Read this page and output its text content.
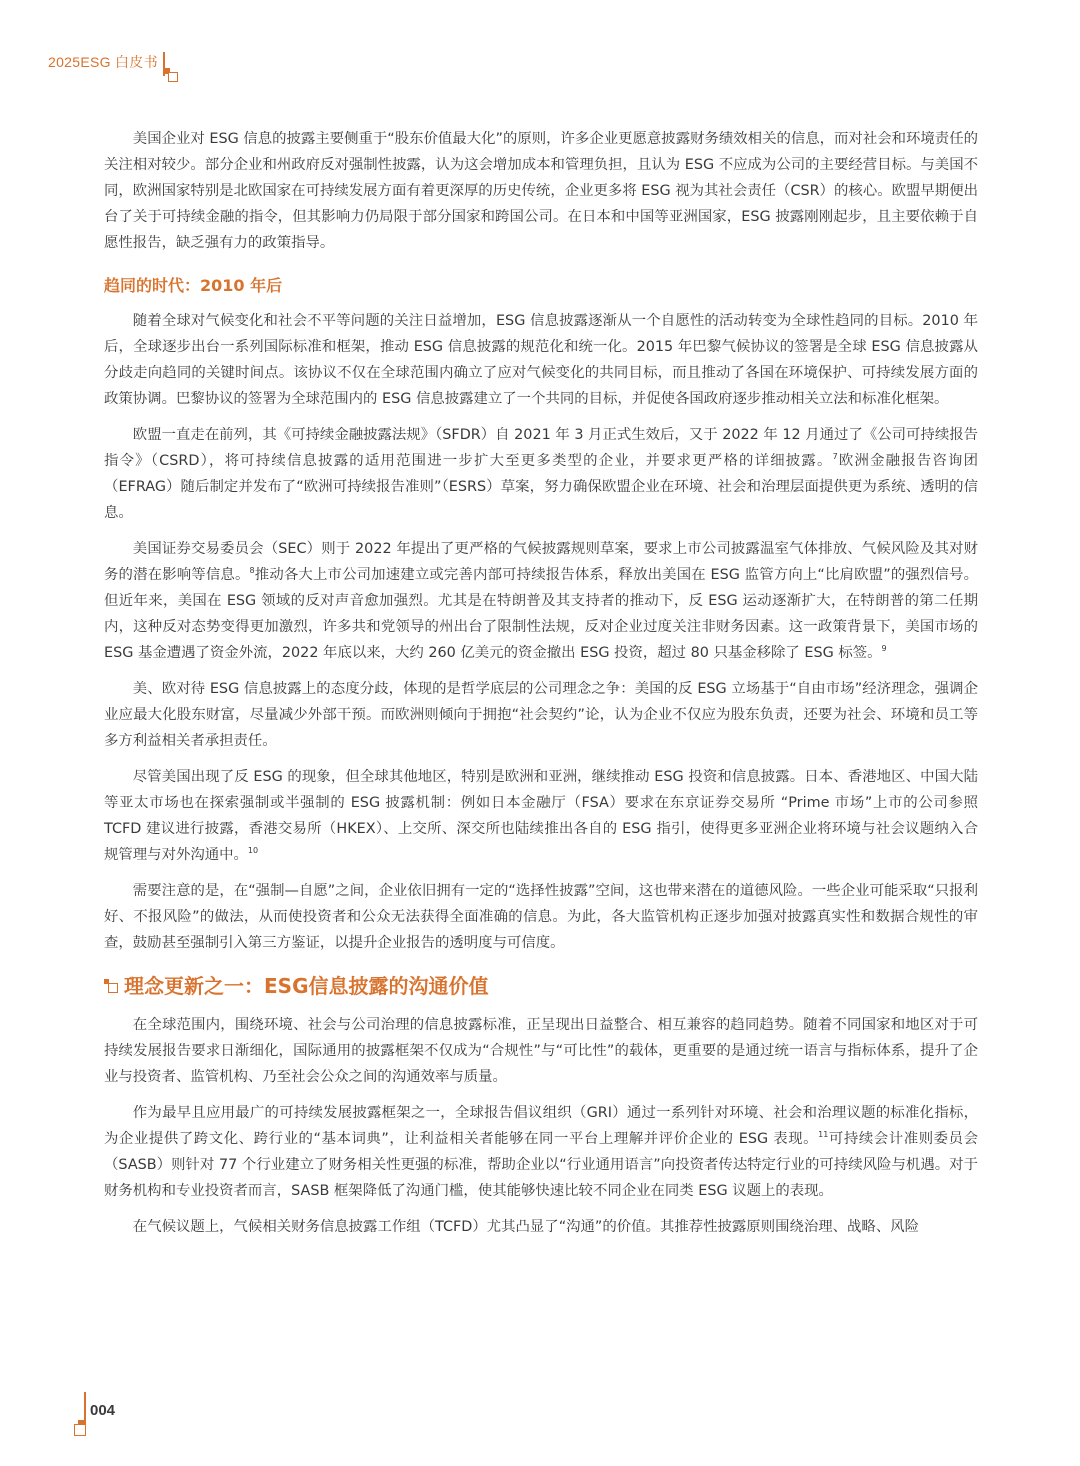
2025ESG 白皮书

美国企业对 ESG 信息的披露主要侧重于“股东价值最大化”的原则，许多企业更愿意披露财务绩效相关的信息，而对社会和环境责任的关注相对较少。部分企业和州政府反对强制性披露，认为这会增加成本和管理负担，且认为 ESG 不应成为公司的主要经营目标。与美国不同，欧洲国家特别是北欧国家在可持续发展方面有着更深厚的历史传统，企业更多将 ESG 视为其社会责任（CSR）的核心。欧盟早期便出台了关于可持续金融的指令，但其影响力仍局限于部分国家和跨国公司。在日本和中国等亚洲国家，ESG 披露刚刚起步，且主要依赖于自愿性报告，缺乏强有力的政策指导。

趋同的时代：2010 年后

随着全球对气候变化和社会不平等问题的关注日益增加，ESG 信息披露逐渐从一个自愿性的活动转变为全球性趋同的目标。2010 年后，全球逐步出台一系列国际标准和框架，推动 ESG 信息披露的规范化和统一化。2015 年巴黎气候协议的签署是全球 ESG 信息披露从分歧走向趋同的关键时间点。该协议不仅在全球范围内确立了应对气候变化的共同目标，而且推动了各国在环境保护、可持续发展方面的政策协调。巴黎协议的签署为全球范围内的 ESG 信息披露建立了一个共同的目标，并促使各国政府逐步推动相关立法和标准化框架。

欧盟一直走在前列，其《可持续金融披露法规》（SFDR）自 2021 年 3 月正式生效后，又于 2022 年 12 月通过了《公司可持续报告指令》（CSRD），将可持续信息披露的适用范围进一步扩大至更多类型的企业，并要求更严格的详细披露。$^7$欧洲金融报告咨询团（EFRAG）随后制定并发布了“欧洲可持续报告准则”（ESRS）草案，努力确保欧盟企业在环境、社会和治理层面提供更为系统、透明的信息。

美国证券交易委员会（SEC）则于 2022 年提出了更严格的气候披露规则草案，要求上市公司披露温室气体排放、气候风险及其对财务的潜在影响等信息。$^8$推动各大上市公司加速建立或完善内部可持续报告体系，释放出美国在 ESG 监管方向上“比肩欧盟”的强烈信号。但近年来，美国在 ESG 领域的反对声音愈加强烈。尤其是在特朗普及其支持者的推动下，反 ESG 运动逐渐扩大，在特朗普的第二任期内，这种反对态势变得更加激烈，许多共和党领导的州出台了限制性法规，反对企业过度关注非财务因素。这一政策背景下，美国市场的 ESG 基金遭遇了资金外流，2022 年底以来，大约 260 亿美元的资金撤出 ESG 投资，超过 80 只基金移除了 ESG 标签。$^9$

美、欧对待 ESG 信息披露上的态度分歧，体现的是哲学底层的公司理念之争：美国的反 ESG 立场基于“自由市场”经济理念，强调企业应最大化股东财富，尽量减少外部干预。而欧洲则倾向于拥抱“社会契约”论，认为企业不仅应为股东负责，还要为社会、环境和员工等多方利益相关者承担责任。

尽管美国出现了反 ESG 的现象，但全球其他地区，特别是欧洲和亚洲，继续推动 ESG 投资和信息披露。日本、香港地区、中国大陆等亚太市场也在探索强制或半强制的 ESG 披露机制：例如日本金融厅（FSA）要求在东京证券交易所 “Prime 市场”上市的公司参照 TCFD 建议进行披露，香港交易所（HKEX）、上交所、深交所也陆续推出各自的 ESG 指引，使得更多亚洲企业将环境与社会议题纳入合规管理与对外沟通中。$^{10}$

需要注意的是，在“强制—自愿”之间，企业依旧拥有一定的“选择性披露”空间，这也带来潜在的道德风险。一些企业可能采取“只报利好、不报风险”的做法，从而使投资者和公众无法获得全面准确的信息。为此，各大监管机构正逐步加强对披露真实性和数据合规性的审查，鼓励甚至强制引入第三方鉴证，以提升企业报告的透明度与可信度。

理念更新之一：ESG信息披露的沟通价值

在全球范围内，围绕环境、社会与公司治理的信息披露标准，正呈现出日益整合、相互兼容的趋同趋势。随着不同国家和地区对于可持续发展报告要求日渐细化，国际通用的披露框架不仅成为“合规性”与“可比性”的载体，更重要的是通过统一语言与指标体系，提升了企业与投资者、监管机构、乃至社会公众之间的沟通效率与质量。

作为最早且应用最广的可持续发展披露框架之一，全球报告倡议组织（GRI）通过一系列针对环境、社会和治理议题的标准化指标，为企业提供了跨文化、跨行业的“基本词典”，让利益相关者能够在同一平台上理解并评价企业的 ESG 表现。$^{11}$可持续会计准则委员会（SASB）则针对 77 个行业建立了财务相关性更强的标准，帮助企业以“行业通用语言”向投资者传达特定行业的可持续风险与机遇。对于财务机构和专业投资者而言，SASB 框架降低了沟通门槛，使其能够快速比较不同企业在同类 ESG 议题上的表现。

在气候议题上，气候相关财务信息披露工作组（TCFD）尤其凸显了“沟通”的价值。其推荐性披露原则围绕治理、战略、风险

004
